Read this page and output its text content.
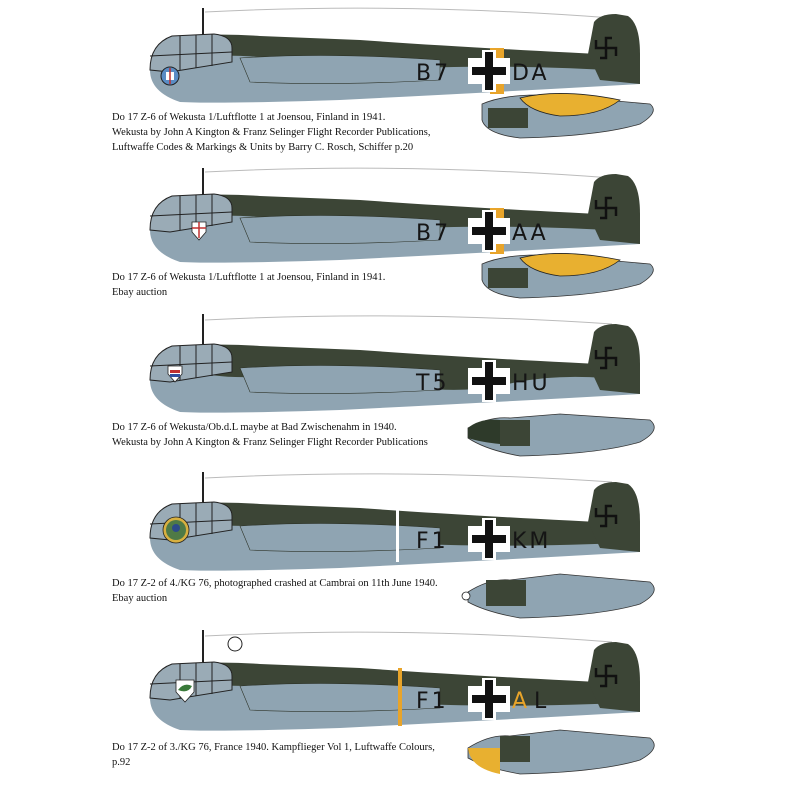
B7	DA
Do 17 Z-6 of Wekusta 1/Luftflotte 1 at Joensou, Finland in 1941.
Wekusta by John A Kington & Franz Selinger Flight Recorder Publications,
Luftwaffe Codes & Markings & Units by Barry C. Rosch, Schiffer p.20
B7	AA
Do 17 Z-6 of Wekusta 1/Luftflotte 1 at Joensou, Finland in 1941.
Ebay auction
T5	HU
Do 17 Z-6 of Wekusta/Ob.d.L maybe at Bad Zwischenahm in 1940.
Wekusta by John A Kington & Franz Selinger Flight Recorder Publications
F1	KM
Do 17 Z-2 of 4./KG 76, photographed crashed at Cambrai on 11th June 1940.
Ebay auction
F1	A L
Do 17 Z-2 of 3./KG 76, France 1940. Kampflieger Vol 1, Luftwaffe Colours,
p.92
